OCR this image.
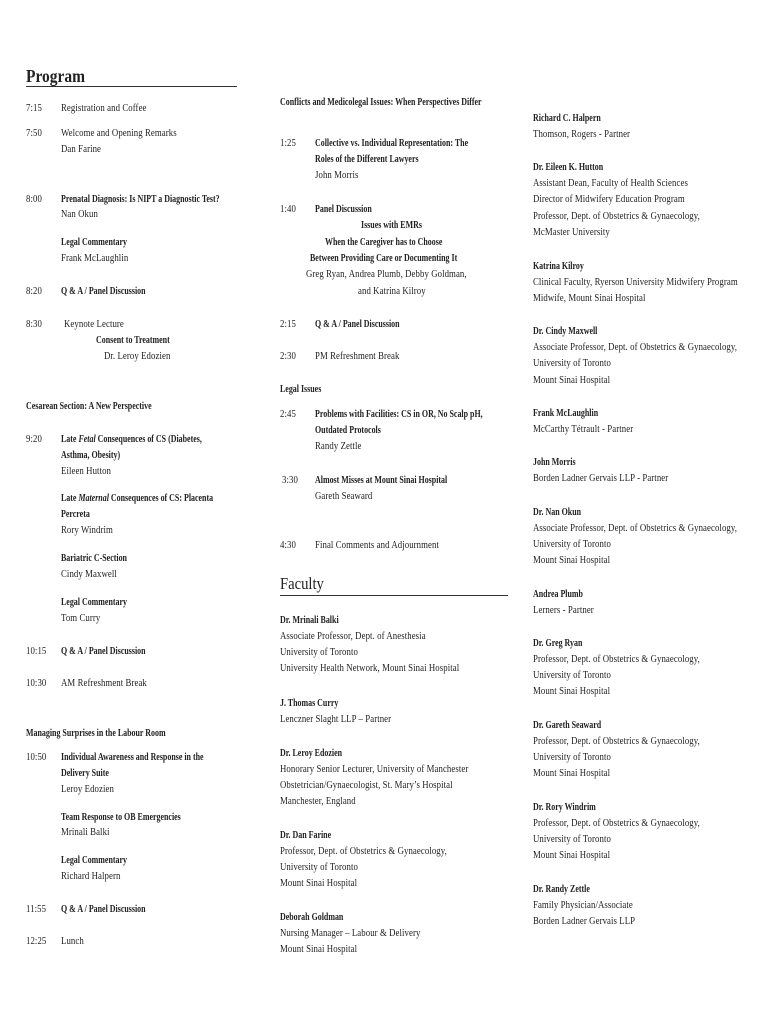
Program
7:15 Registration and Coffee
7:50 Welcome and Opening Remarks
Dan Farine
8:00 Prenatal Diagnosis: Is NIPT a Diagnostic Test?
Nan Okun
Legal Commentary
Frank McLaughlin
8:20 Q & A / Panel Discussion
8:30 Keynote Lecture
Consent to Treatment
Dr. Leroy Edozien
Cesarean Section: A New Perspective
9:20 Late Fetal Consequences of CS (Diabetes,
Asthma, Obesity)
Eileen Hutton
Late Maternal Consequences of CS: Placenta
Percreta
Rory Windrim
Bariatric C-Section
Cindy Maxwell
Legal Commentary
Tom Curry
10:15 Q & A / Panel Discussion
10:30 AM Refreshment Break
Managing Surprises in the Labour Room
10:50 Individual Awareness and Response in the
Delivery Suite
Leroy Edozien
Team Response to OB Emergencies
Mrinali Balki
Legal Commentary
Richard Halpern
11:55 Q & A / Panel Discussion
12:25 Lunch
Conflicts and Medicolegal Issues: When Perspectives Differ
1:25 Collective vs. Individual Representation: The
Roles of the Different Lawyers
John Morris
1:40 Panel Discussion
Issues with EMRs
When the Caregiver has to Choose
Between Providing Care or Documenting It
Greg Ryan, Andrea Plumb, Debby Goldman,
and Katrina Kilroy
2:15 Q & A / Panel Discussion
2:30 PM Refreshment Break
Legal Issues
2:45 Problems with Facilities: CS in OR, No Scalp pH,
Outdated Protocols
Randy Zettle
3:30 Almost Misses at Mount Sinai Hospital
Gareth Seaward
4:30 Final Comments and Adjournment
Faculty
Dr. Mrinali Balki
Associate Professor, Dept. of Anesthesia
University of Toronto
University Health Network, Mount Sinai Hospital
J. Thomas Curry
Lenczner Slaght LLP – Partner
Dr. Leroy Edozien
Honorary Senior Lecturer, University of Manchester
Obstetrician/Gynaecologist, St. Mary’s Hospital
Manchester, England
Dr. Dan Farine
Professor, Dept. of Obstetrics & Gynaecology,
University of Toronto
Mount Sinai Hospital
Deborah Goldman
Nursing Manager – Labour & Delivery
Mount Sinai Hospital
Richard C. Halpern
Thomson, Rogers - Partner
Dr. Eileen K. Hutton
Assistant Dean, Faculty of Health Sciences
Director of Midwifery Education Program
Professor, Dept. of Obstetrics & Gynaecology,
McMaster University
Katrina Kilroy
Clinical Faculty, Ryerson University Midwifery Program
Midwife, Mount Sinai Hospital
Dr. Cindy Maxwell
Associate Professor, Dept. of Obstetrics & Gynaecology,
University of Toronto
Mount Sinai Hospital
Frank McLaughlin
McCarthy Tétrault - Partner
John Morris
Borden Ladner Gervais LLP - Partner
Dr. Nan Okun
Associate Professor, Dept. of Obstetrics & Gynaecology,
University of Toronto
Mount Sinai Hospital
Andrea Plumb
Lerners - Partner
Dr. Greg Ryan
Professor, Dept. of Obstetrics & Gynaecology,
University of Toronto
Mount Sinai Hospital
Dr. Gareth Seaward
Professor, Dept. of Obstetrics & Gynaecology,
University of Toronto
Mount Sinai Hospital
Dr. Rory Windrim
Professor, Dept. of Obstetrics & Gynaecology,
University of Toronto
Mount Sinai Hospital
Dr. Randy Zettle
Family Physician/Associate
Borden Ladner Gervais LLP
